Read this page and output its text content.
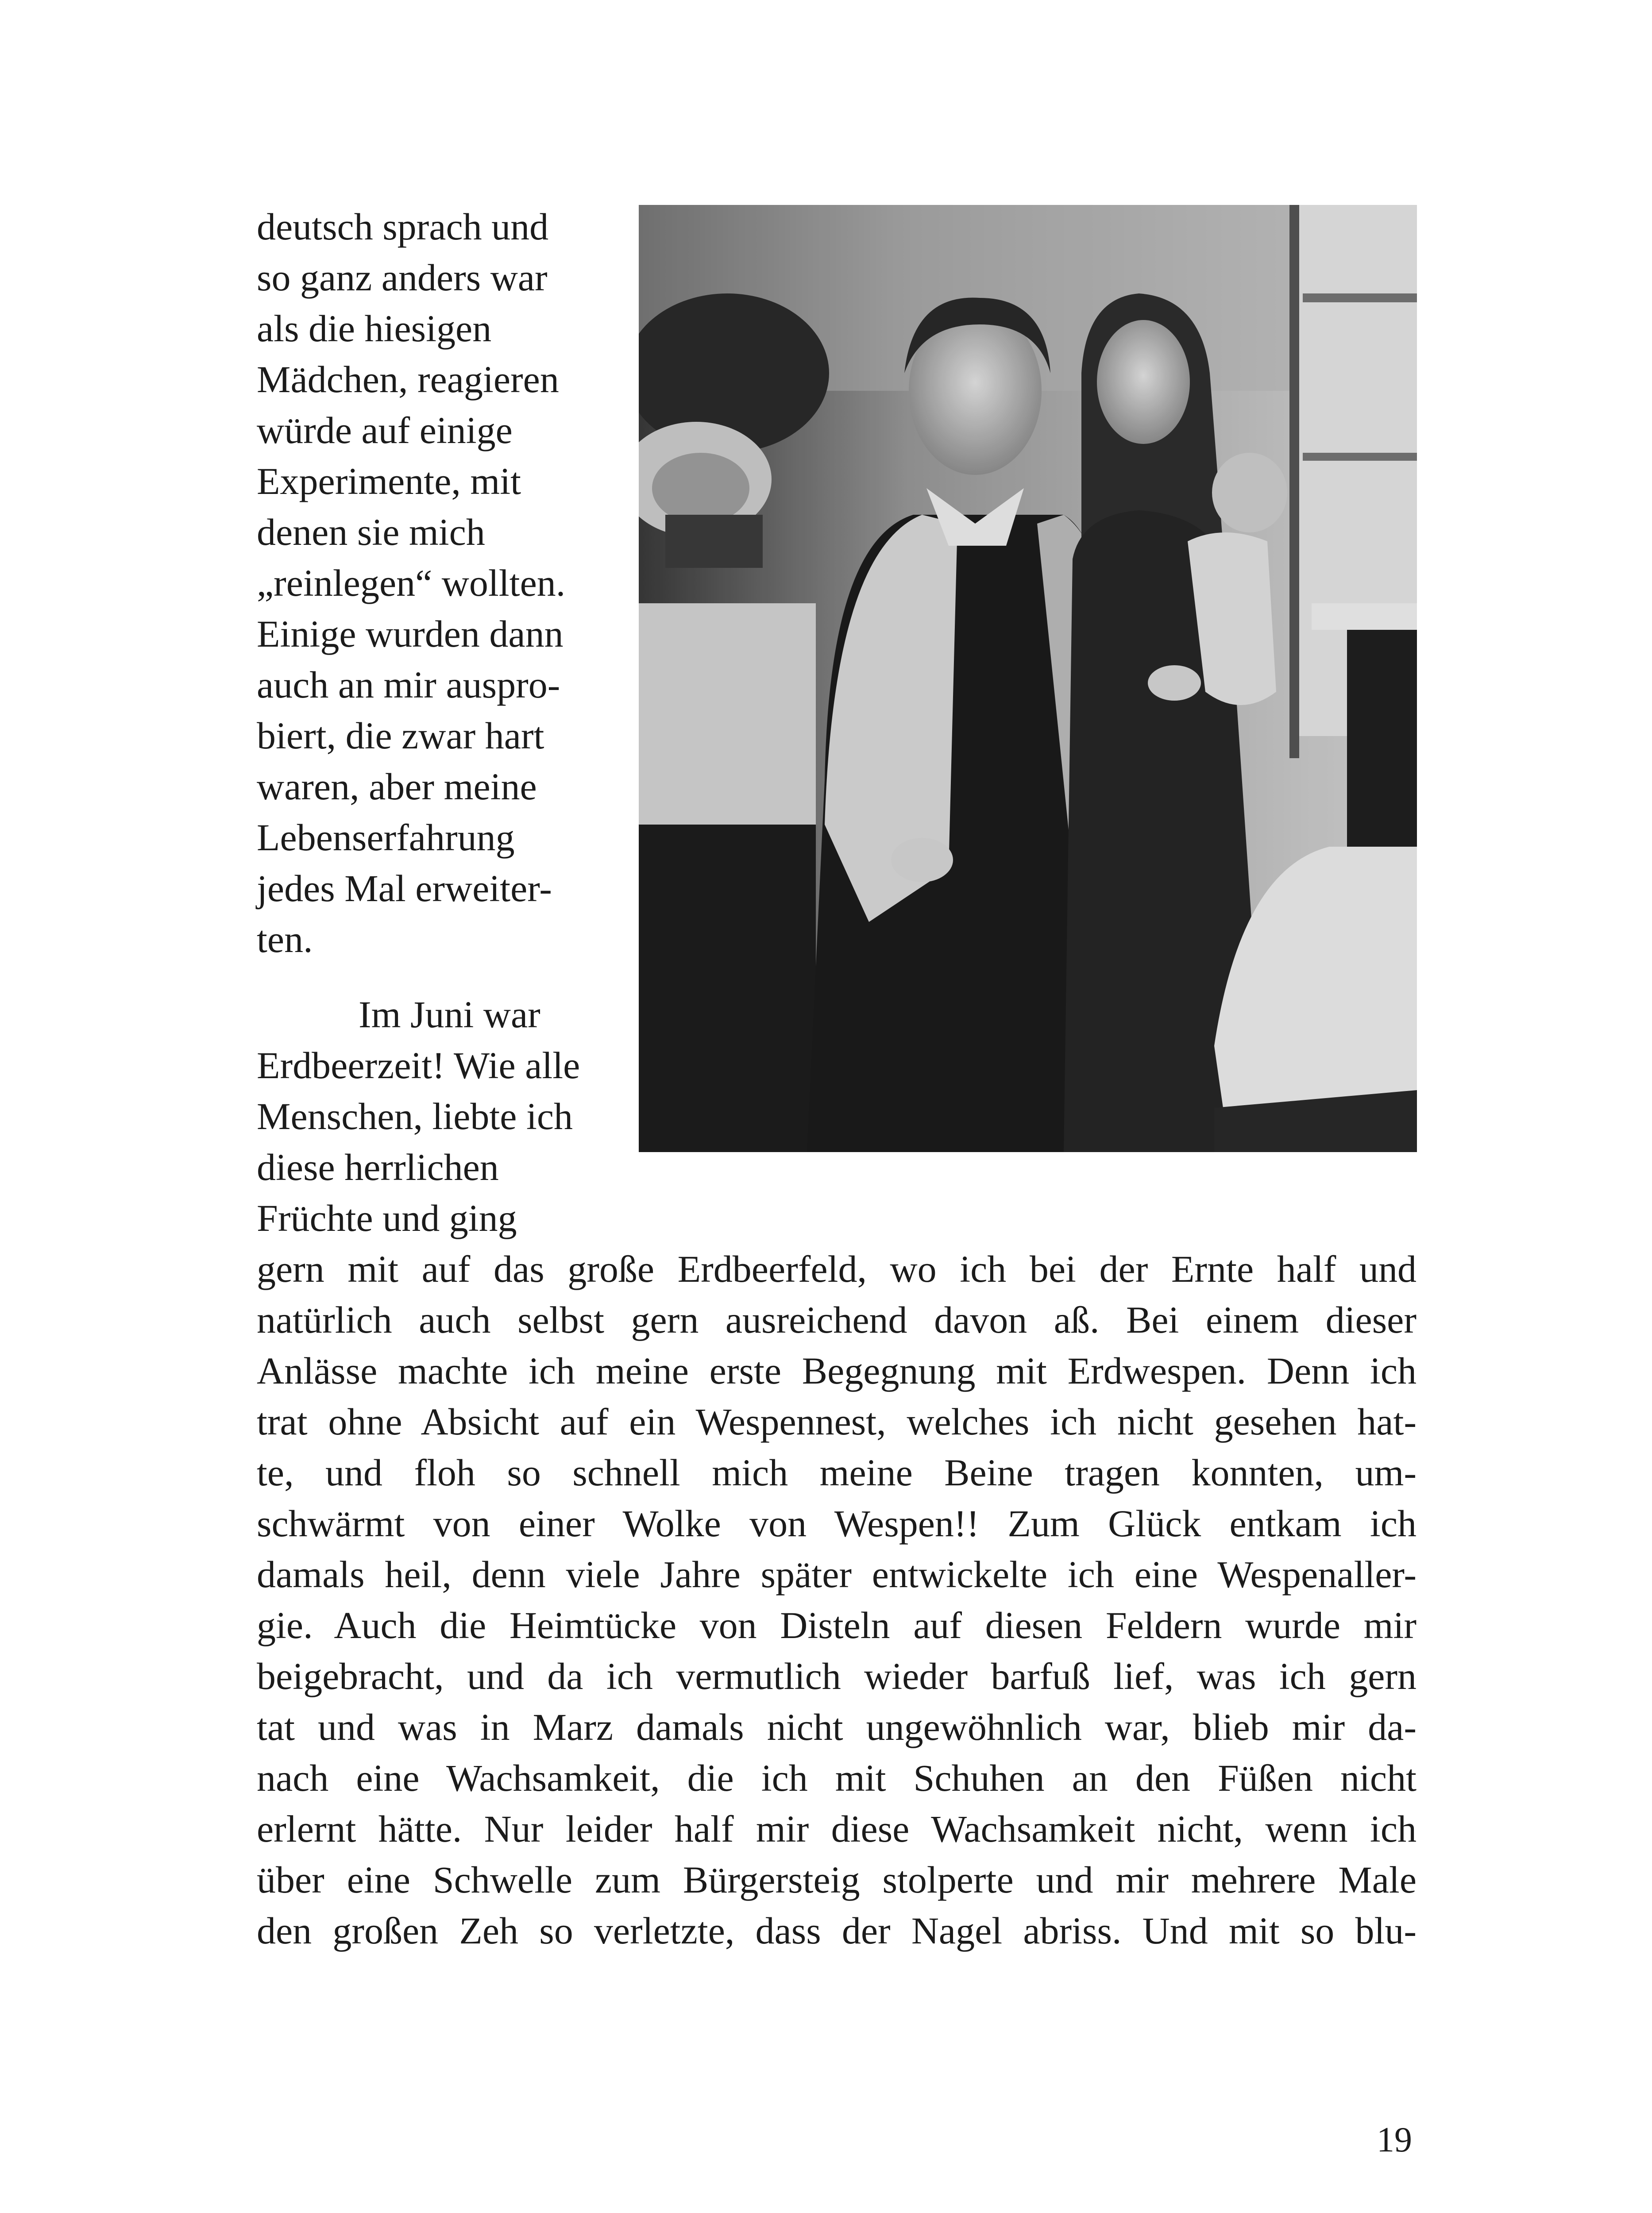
deutsch sprach und
so ganz anders war
als die hiesigen
Mädchen, reagieren
würde auf einige
Experimente, mit
denen sie mich
„reinlegen“ wollten.
Einige wurden dann
auch an mir auspro-
biert, die zwar hart
waren, aber meine
Lebenserfahrung
jedes Mal erweiter-
ten.
Im Juni war
Erdbeerzeit! Wie alle
Menschen, liebte ich
diese herrlichen
Früchte und ging
gern mit auf das große Erdbeerfeld, wo ich bei der Ernte half und
natürlich auch selbst gern ausreichend davon aß. Bei einem dieser
Anlässe machte ich meine erste Begegnung mit Erdwespen. Denn ich
trat ohne Absicht auf ein Wespennest, welches ich nicht gesehen hat-
te, und floh so schnell mich meine Beine tragen konnten, um-
schwärmt von einer Wolke von Wespen!! Zum Glück entkam ich
damals heil, denn viele Jahre später entwickelte ich eine Wespenaller-
gie. Auch die Heimtücke von Disteln auf diesen Feldern wurde mir
beigebracht, und da ich vermutlich wieder barfuß lief, was ich gern
tat und was in Marz damals nicht ungewöhnlich war, blieb mir da-
nach eine Wachsamkeit, die ich mit Schuhen an den Füßen nicht
erlernt hätte. Nur leider half mir diese Wachsamkeit nicht, wenn ich
über eine Schwelle zum Bürgersteig stolperte und mir mehrere Male
den großen Zeh so verletzte, dass der Nagel abriss. Und mit so blu-
19
